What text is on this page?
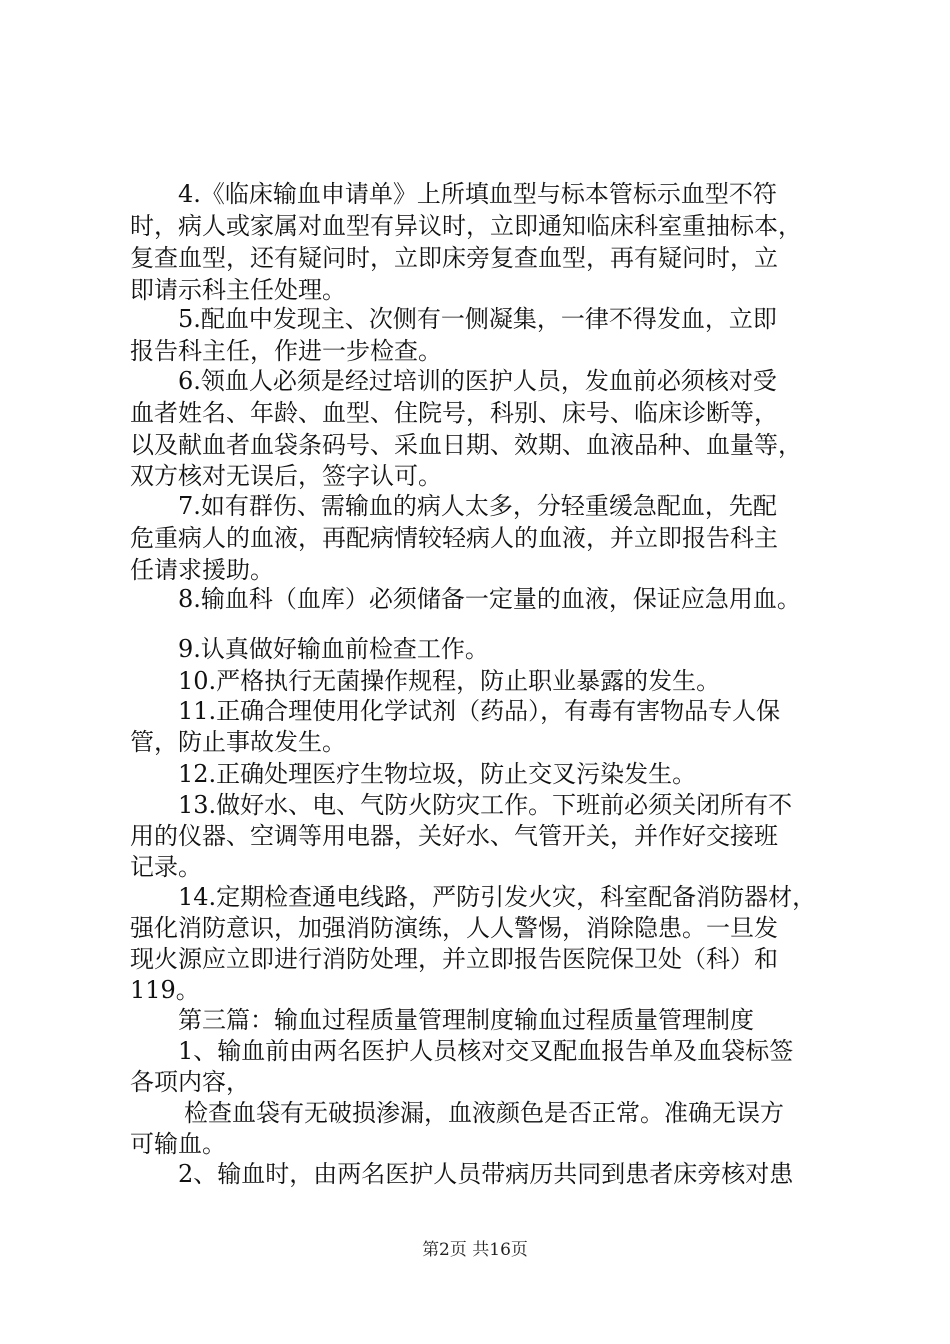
4.《临床输血申请单》上所填血型与标本管标示血型不符
时，病人或家属对血型有异议时，立即通知临床科室重抽标本，
复查血型，还有疑问时，立即床旁复查血型，再有疑问时，立
即请示科主任处理。
5.配血中发现主、次侧有一侧凝集，一律不得发血，立即
报告科主任，作进一步检查。
6.领血人必须是经过培训的医护人员，发血前必须核对受
血者姓名、年龄、血型、住院号，科别、床号、临床诊断等，
以及献血者血袋条码号、采血日期、效期、血液品种、血量等，
双方核对无误后，签字认可。
7.如有群伤、需输血的病人太多，分轻重缓急配血，先配
危重病人的血液，再配病情较轻病人的血液，并立即报告科主
任请求援助。
8.输血科（血库）必须储备一定量的血液，保证应急用血。
9.认真做好输血前检查工作。
10.严格执行无菌操作规程，防止职业暴露的发生。
11.正确合理使用化学试剂（药品），有毒有害物品专人保
管，防止事故发生。
12.正确处理医疗生物垃圾，防止交叉污染发生。
13.做好水、电、气防火防灾工作。下班前必须关闭所有不
用的仪器、空调等用电器，关好水、气管开关，并作好交接班
记录。
14.定期检查通电线路，严防引发火灾，科室配备消防器材，
强化消防意识，加强消防演练，人人警惕，消除隐患。一旦发
现火源应立即进行消防处理，并立即报告医院保卫处（科）和
119。
第三篇：输血过程质量管理制度输血过程质量管理制度
1、输血前由两名医护人员核对交叉配血报告单及血袋标签
各项内容，
检查血袋有无破损渗漏，血液颜色是否正常。准确无误方
可输血。
2、输血时，由两名医护人员带病历共同到患者床旁核对患
第2页 共16页
